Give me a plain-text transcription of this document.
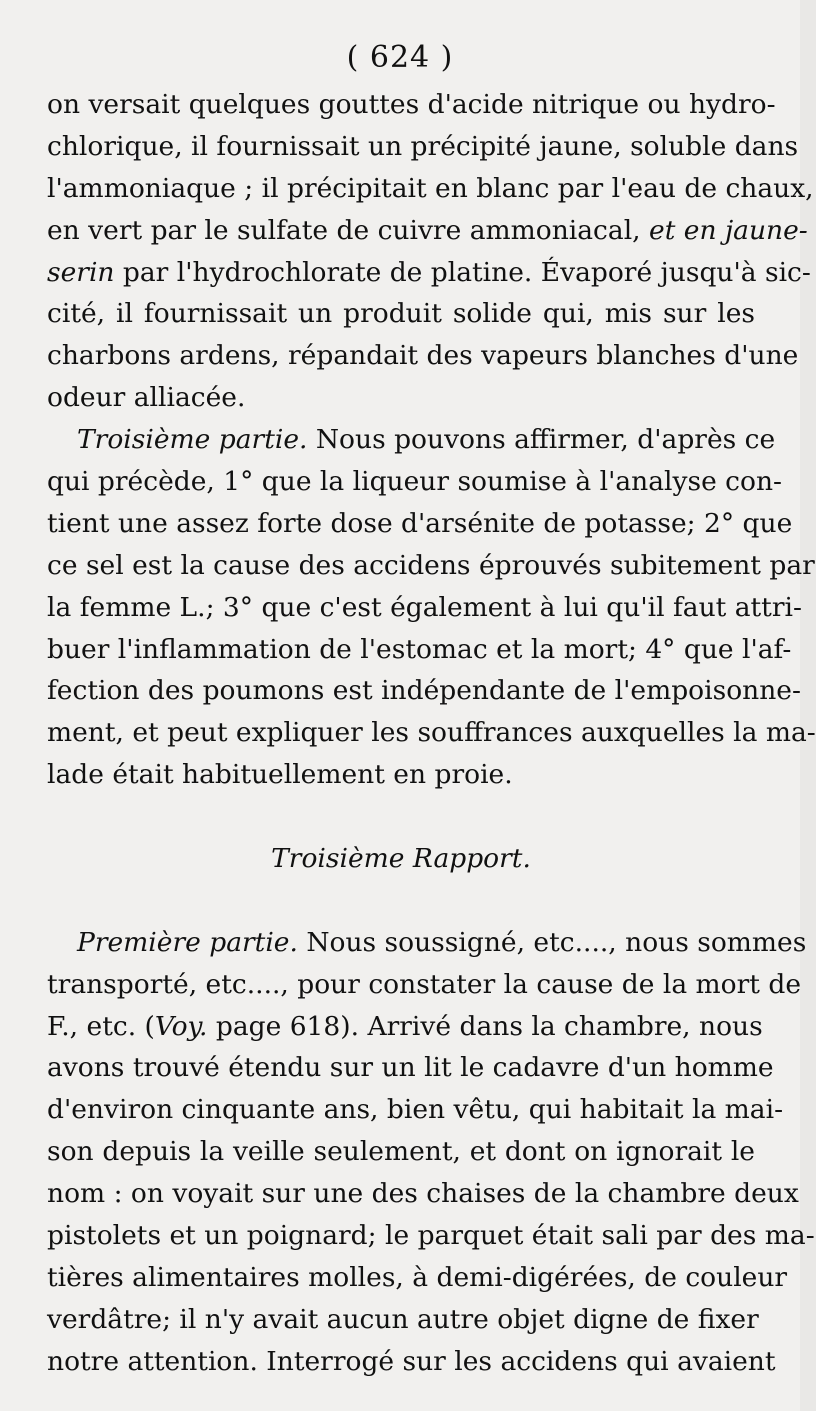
( 624 )
on versait quelques gouttes d'acide nitrique ou hydro-
chlorique, il fournissait un précipité jaune, soluble dans
l'ammoniaque ; il précipitait en blanc par l'eau de chaux,
en vert par le sulfate de cuivre ammoniacal, et en jaune-
serin par l'hydrochlorate de platine. Évaporé jusqu'à sic-
cité, il fournissait un produit solide qui, mis sur les
charbons ardens, répandait des vapeurs blanches d'une
odeur alliacée.
Troisième partie. Nous pouvons affirmer, d'après ce
qui précède, 1° que la liqueur soumise à l'analyse con-
tient une assez forte dose d'arsénite de potasse; 2° que
ce sel est la cause des accidens éprouvés subitement par
la femme L.; 3° que c'est également à lui qu'il faut attri-
buer l'inflammation de l'estomac et la mort; 4° que l'af-
fection des poumons est indépendante de l'empoisonne-
ment, et peut expliquer les souffrances auxquelles la ma-
lade était habituellement en proie.
Troisième Rapport.
Première partie. Nous soussigné, etc...., nous sommes
transporté, etc...., pour constater la cause de la mort de
F., etc. (Voy. page 618). Arrivé dans la chambre, nous
avons trouvé étendu sur un lit le cadavre d'un homme
d'environ cinquante ans, bien vêtu, qui habitait la mai-
son depuis la veille seulement, et dont on ignorait le
nom : on voyait sur une des chaises de la chambre deux
pistolets et un poignard; le parquet était sali par des ma-
tières alimentaires molles, à demi-digérées, de couleur
verdâtre; il n'y avait aucun autre objet digne de fixer
notre attention. Interrogé sur les accidens qui avaient
